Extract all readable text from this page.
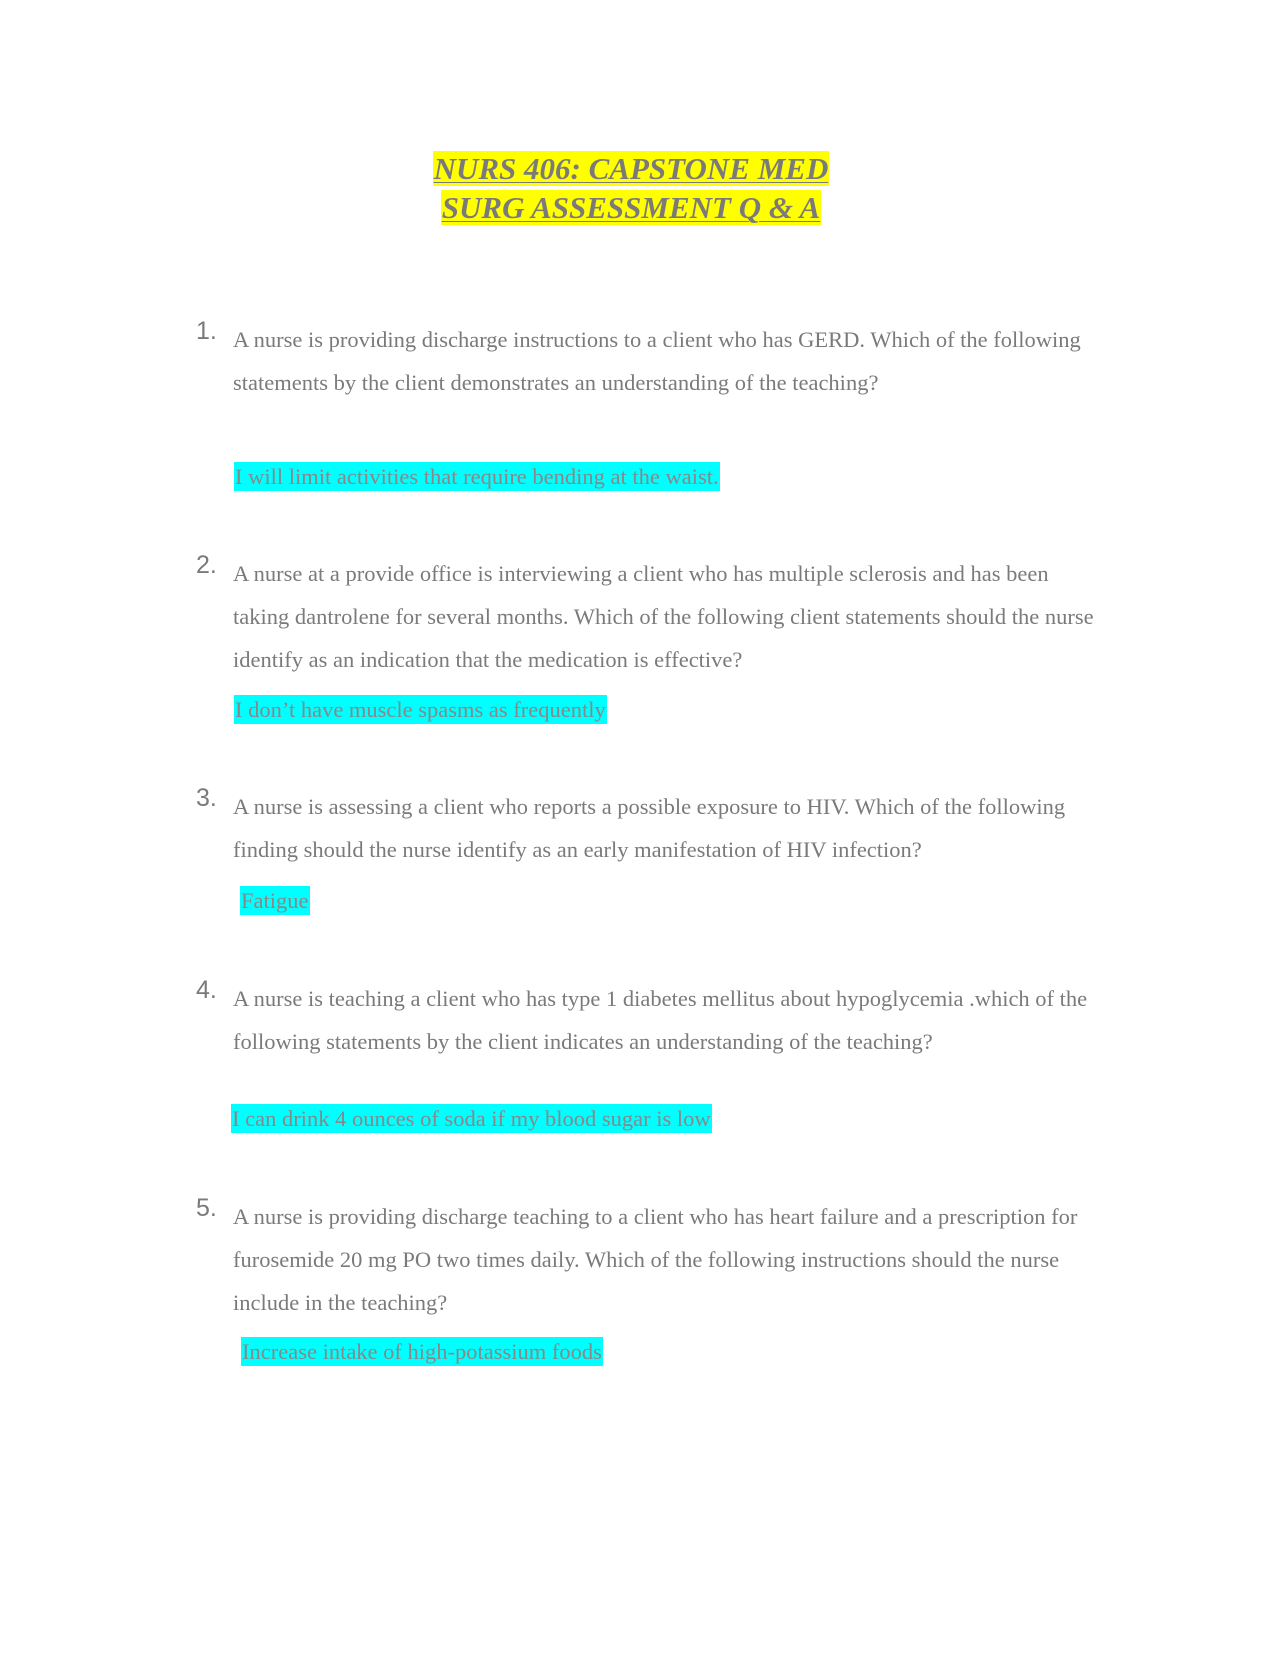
NURS 406: CAPSTONE MED
SURG ASSESSMENT Q & A
1. A nurse is providing discharge instructions to a client who has GERD. Which of the following statements by the client demonstrates an understanding of the teaching?
I will limit activities that require bending at the waist.
2. A nurse at a provide office is interviewing a client who has multiple sclerosis and has been taking dantrolene for several months. Which of the following client statements should the nurse identify as an indication that the medication is effective?
I don’t have muscle spasms as frequently
3. A nurse is assessing a client who reports a possible exposure to HIV. Which of the following finding should the nurse identify as an early manifestation of HIV infection?
Fatigue
4. A nurse is teaching a client who has type 1 diabetes mellitus about hypoglycemia .which of the following statements by the client indicates an understanding of the teaching?
I can drink 4 ounces of soda if my blood sugar is low
5. A nurse is providing discharge teaching to a client who has heart failure and a prescription for furosemide 20 mg PO two times daily. Which of the following instructions should the nurse include in the teaching?
Increase intake of high-potassium foods
